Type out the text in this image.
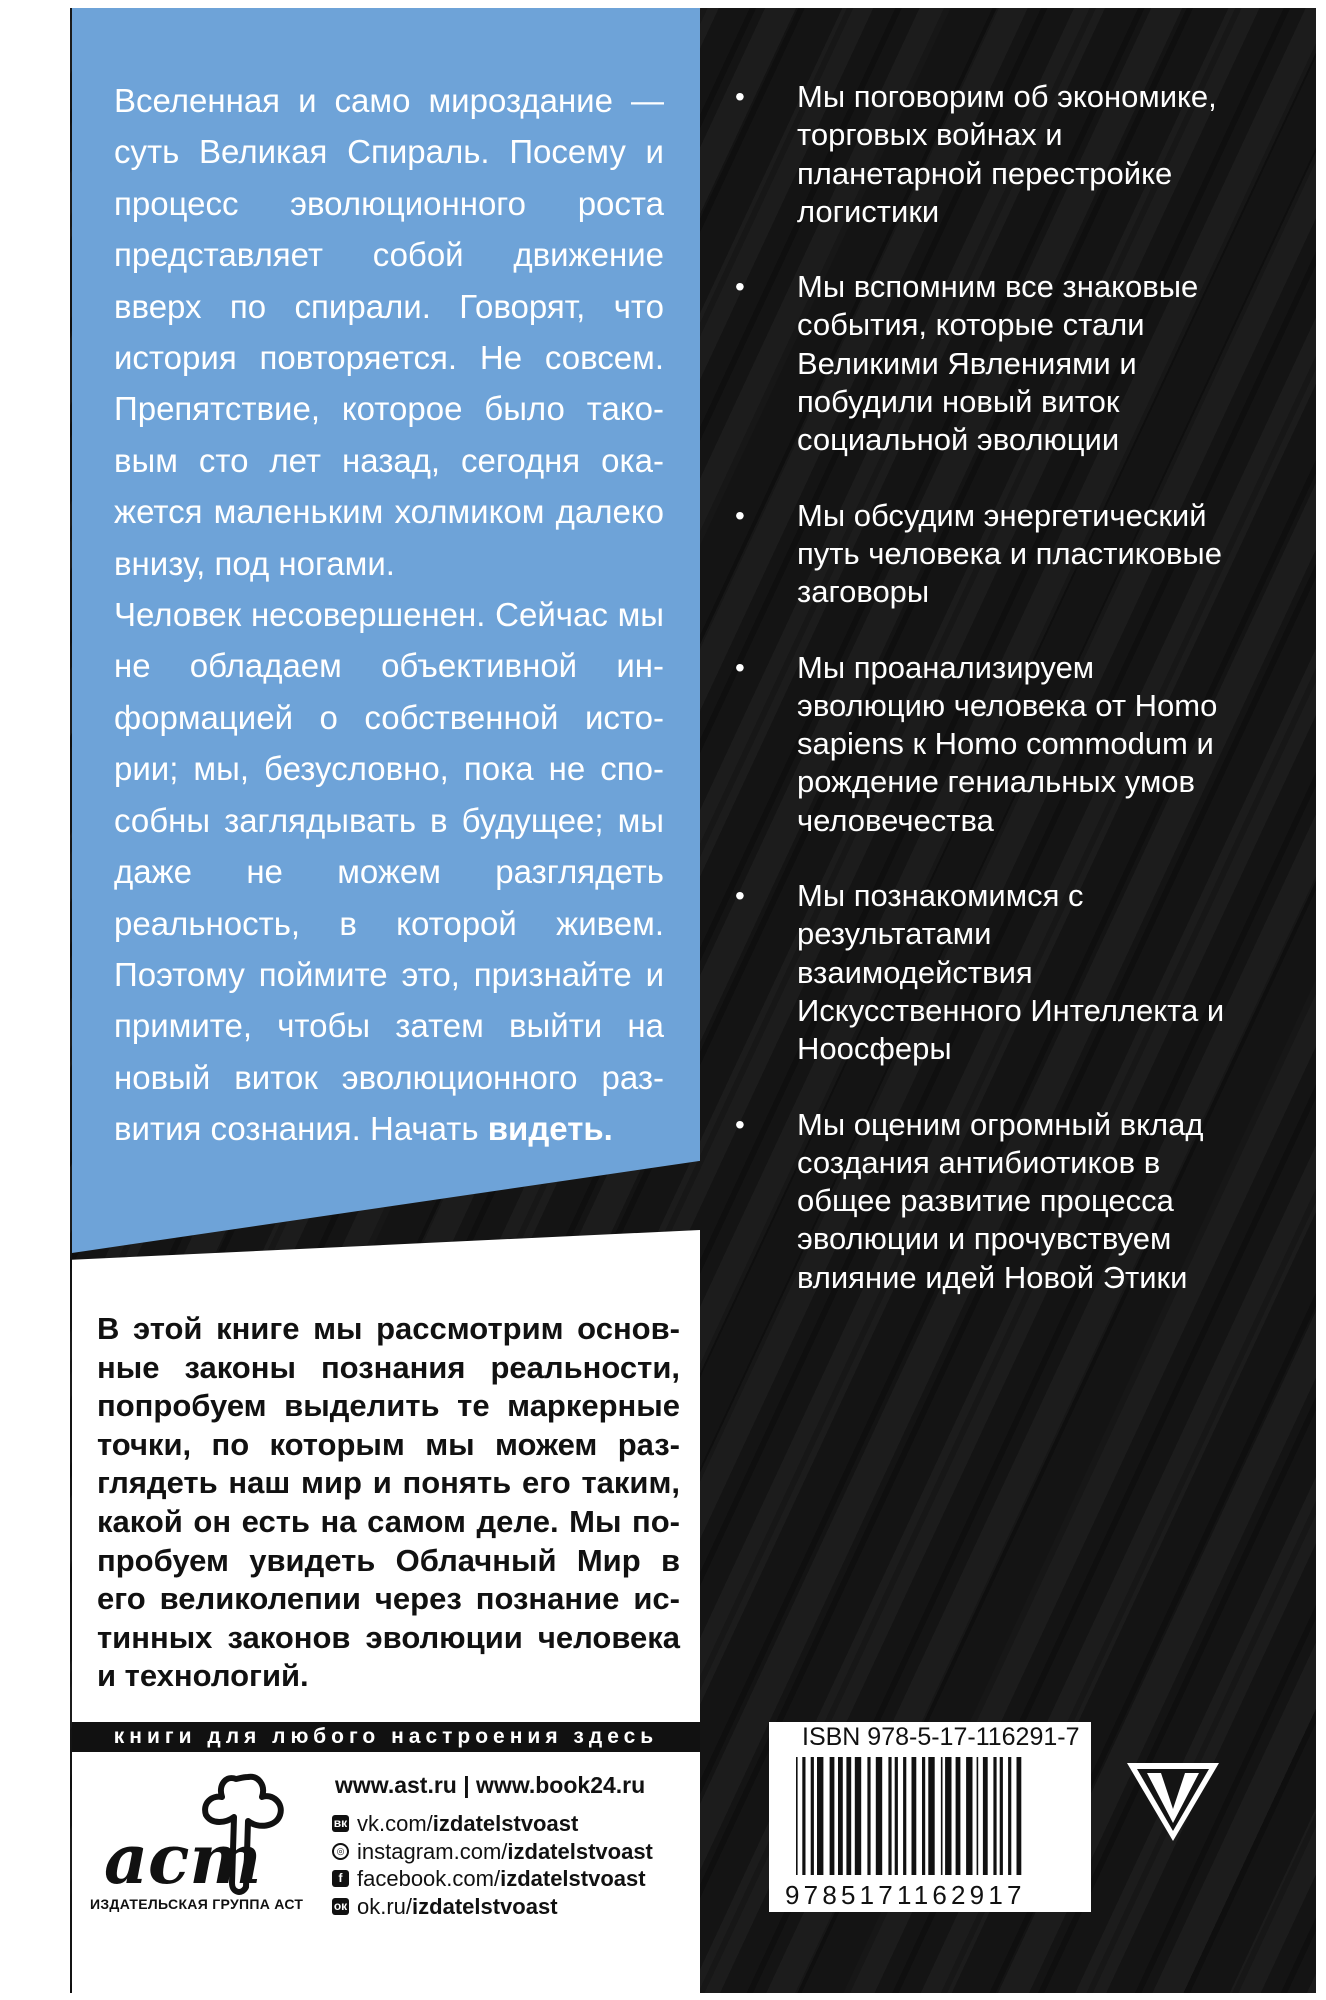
Вселенная и само мироздание — суть Великая Спираль. Посему и процесс эволюционного роста представляет собой движение вверх по спирали. Говорят, что история повторяется. Не совсем. Препятствие, которое было таковым сто лет назад, сегодня окажется маленьким холмиком далеко внизу, под ногами.

Человек несовершенен. Сейчас мы не обладаем объективной информацией о собственной истории; мы, безусловно, пока не способны заглядывать в будущее; мы даже не можем разглядеть реальность, в которой живем. Поэтому поймите это, признайте и примите, чтобы затем выйти на новый виток эволюционного развития сознания. Начать видеть.

В этой книге мы рассмотрим основные законы познания реальности, попробуем выделить те маркерные точки, по которым мы можем разглядеть наш мир и понять его таким, какой он есть на самом деле. Мы попробуем увидеть Облачный Мир в его великолепии через познание истинных законов эволюции человека и технологий.

книги для любого настроения здесь
аст
ИЗДАТЕЛЬСКАЯ ГРУППА АСТ
www.ast.ru | www.book24.ru
вк vk.com/ izdatelstvoast
◎ instagram.com/ izdatelstvoast
f facebook.com/ izdatelstvoast
ок ok.ru/ izdatelstvoast
• Мы поговорим об экономике, торговых войнах и планетарной перестройке логистики
• Мы вспомним все знаковые события, которые стали Великими Явлениями и побудили новый виток социальной эволюции
• Мы обсудим энергетический путь человека и пластиковые заговоры
• Мы проанализируем эволюцию человека от Homo sapiens к Homo commodum и рождение гениальных умов человечества
• Мы познакомимся с результатами взаимодействия Искусственного Интеллекта и Ноосферы
• Мы оценим огромный вклад создания антибиотиков в общее развитие процесса эволюции и прочувствуем влияние идей Новой Этики
ISBN 978-5-17-116291-7
9785171162917
